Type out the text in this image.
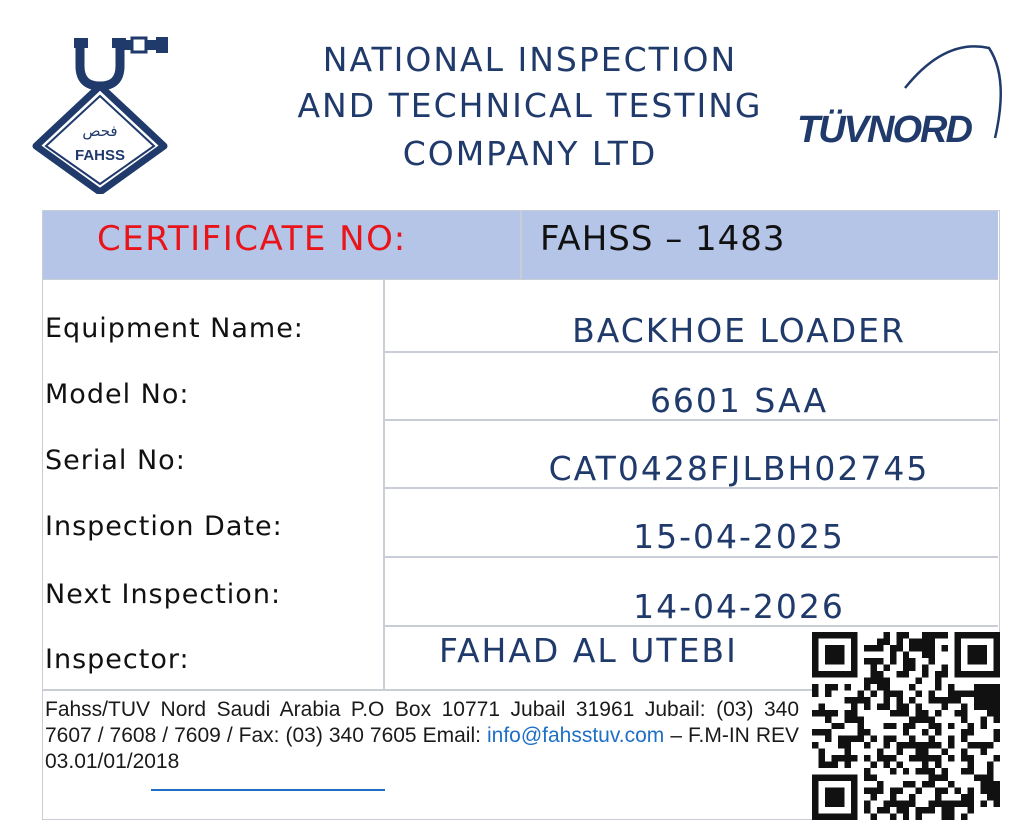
فحص
FAHSS
NATIONAL INSPECTION
AND TECHNICAL TESTING
COMPANY LTD
TÜVNORD
CERTIFICATE NO:	FAHSS – 1483
Equipment Name:
Model No:
Serial No:
Inspection Date:
Next Inspection:
Inspector:
BACKHOE LOADER
6601 SAA
CAT0428FJLBH02745
15-04-2025
14-04-2026
FAHAD AL UTEBI
Fahss/TUV Nord Saudi Arabia P.O Box 10771 Jubail 31961 Jubail: (03) 340 7607 / 7608 / 7609 / Fax: (03) 340 7605 Email: info@fahsstuv.com – F.M-IN REV 03.01/01/2018
